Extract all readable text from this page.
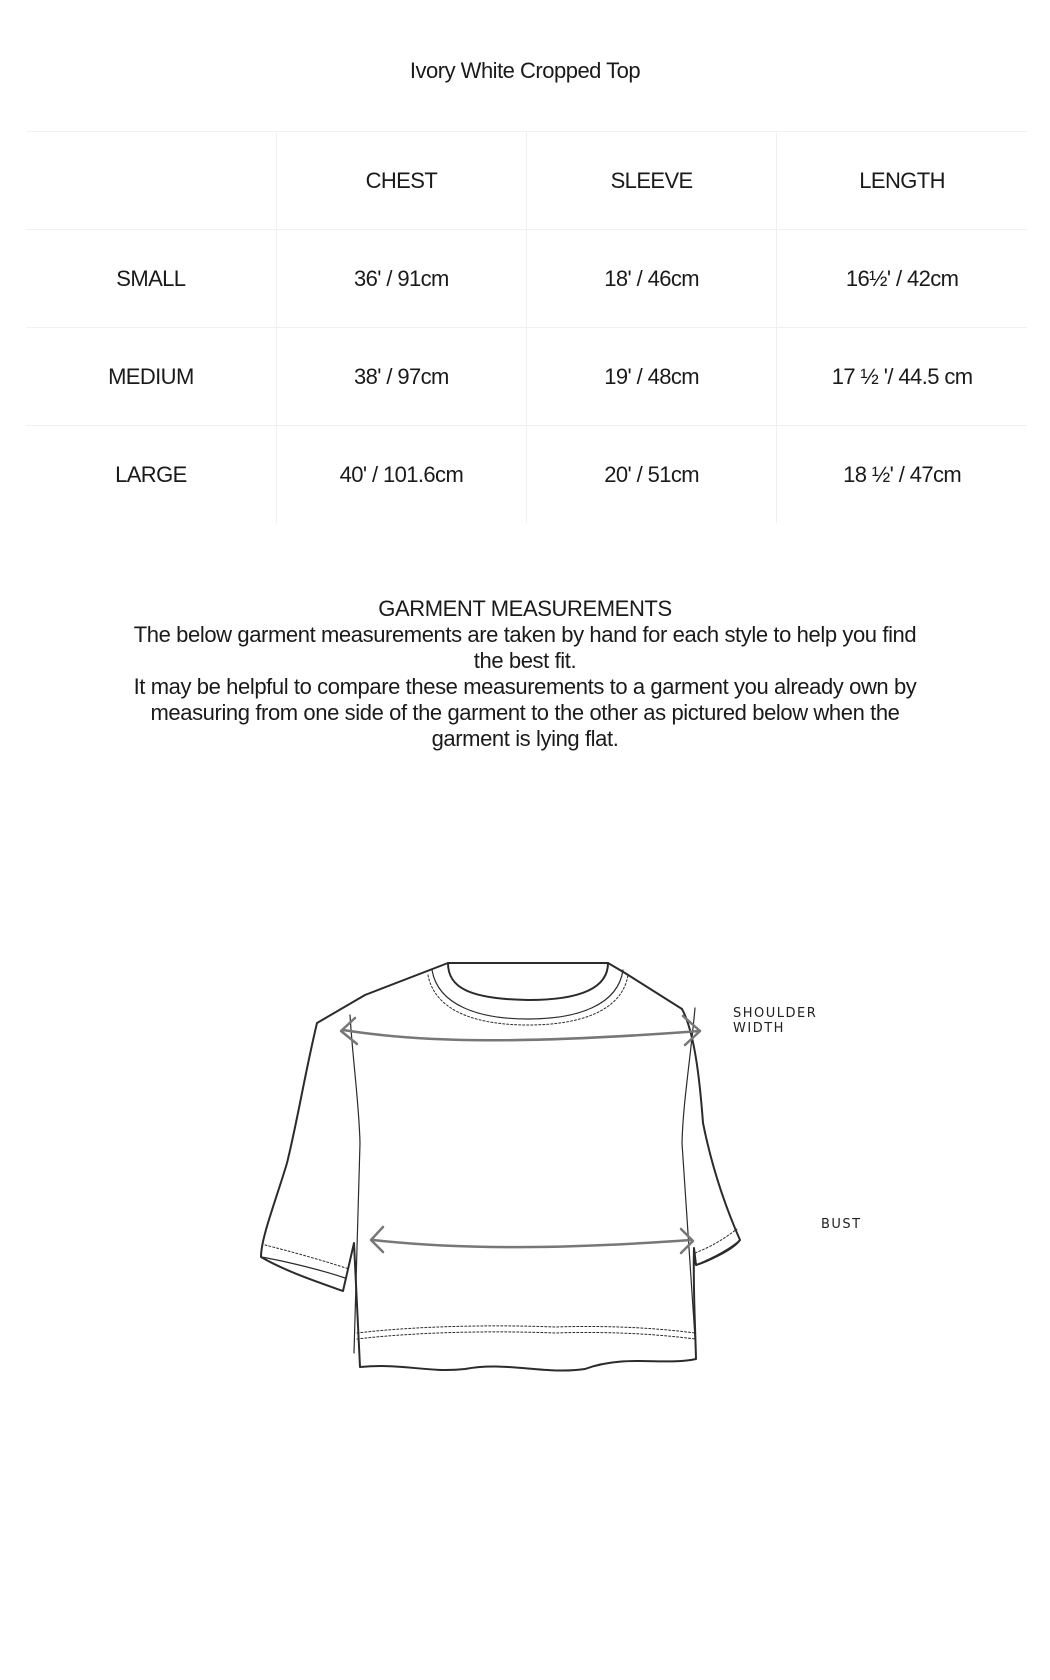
Ivory White Cropped Top
	CHEST	SLEEVE	LENGTH
SMALL	36' / 91cm	18' / 46cm	16½' / 42cm
MEDIUM	38' / 97cm	19' / 48cm	17 ½ '/ 44.5 cm
LARGE	40' / 101.6cm	20' / 51cm	18 ½' / 47cm

GARMENT MEASUREMENTS

The below garment measurements are taken by hand for each style to help you find the best fit.

It may be helpful to compare these measurements to a garment you already own by measuring from one side of the garment to the other as pictured below when the garment is lying flat.

SHOULDER WIDTH
BUST
